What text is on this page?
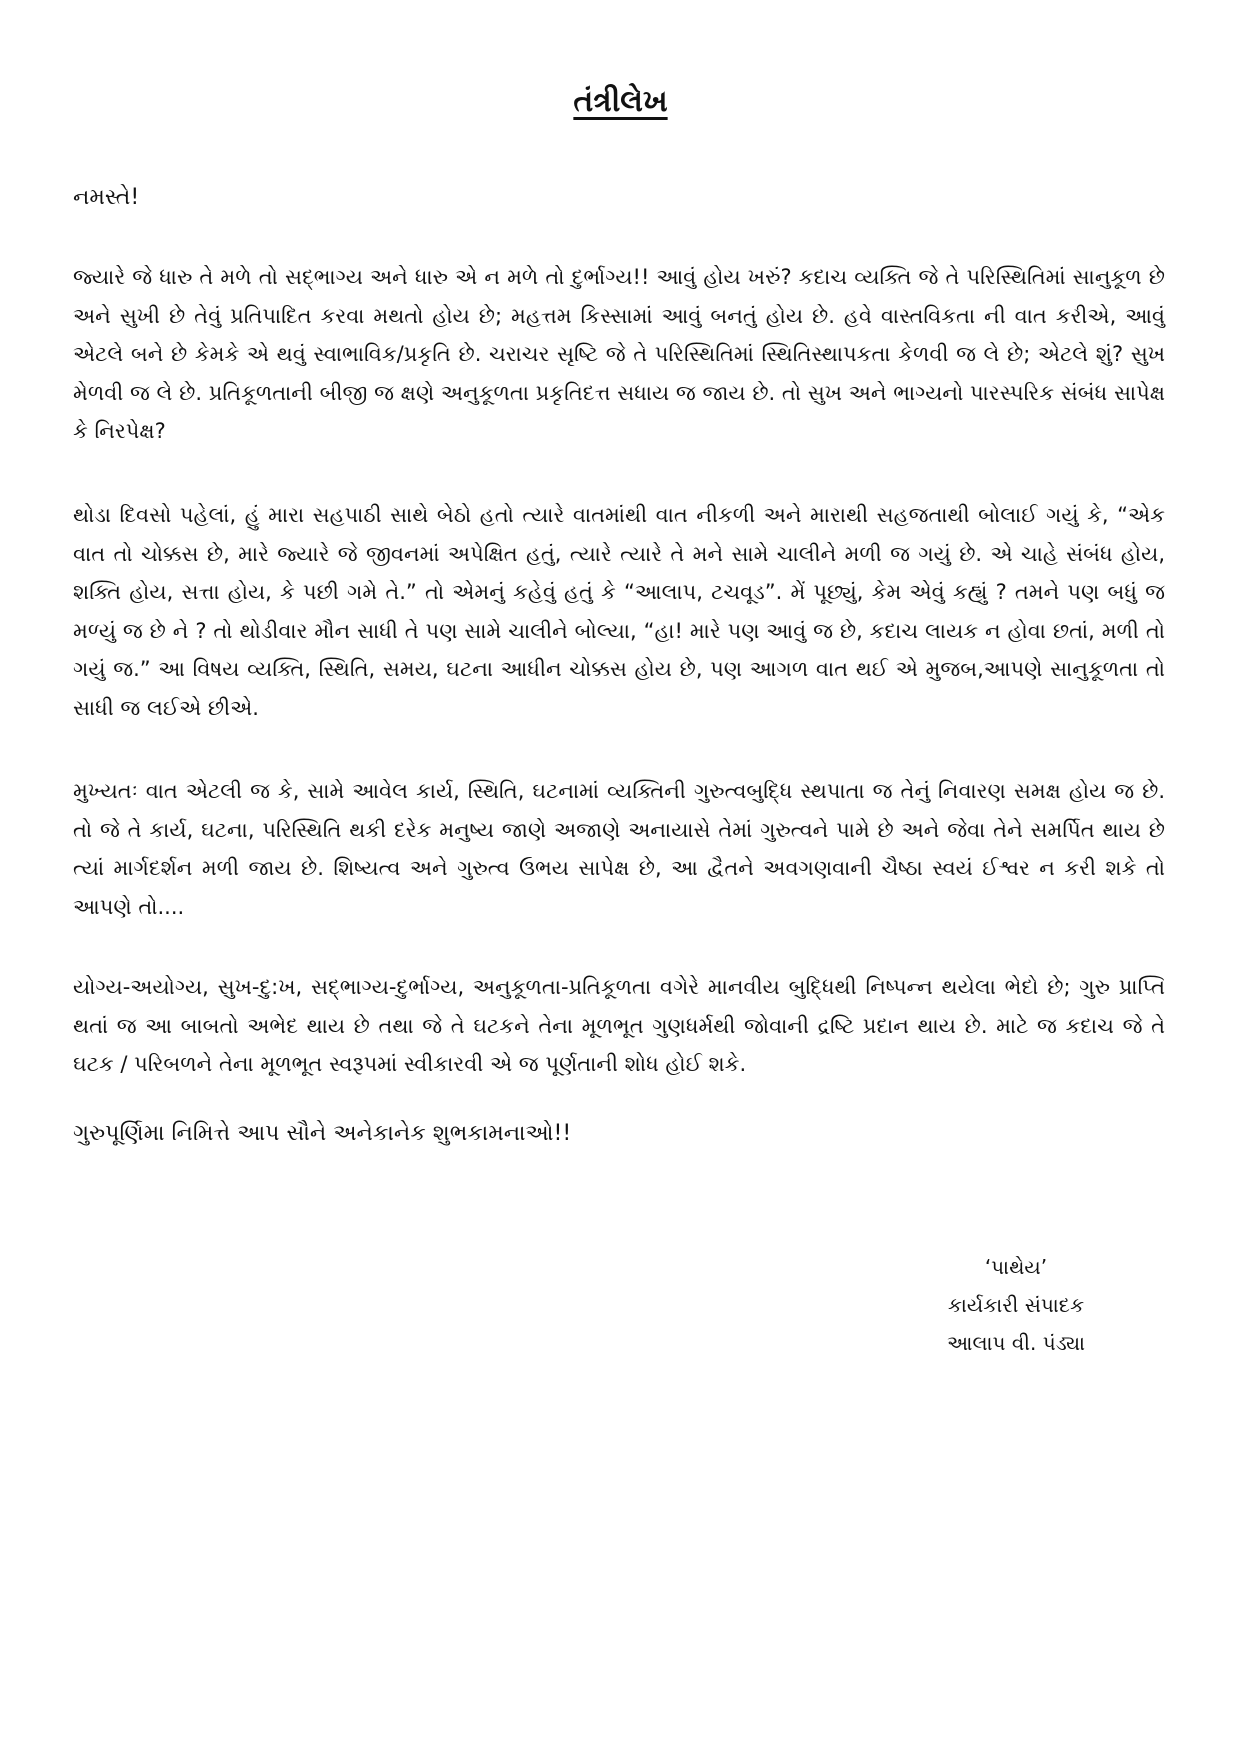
તંત્રીલેખ
નમસ્તે!

જ્યારે જે ધારુ તે મળે તો સદ્ભાગ્ય અને ધારુ એ ન મળે તો દુર્ભાગ્ય!! આવું હોય ખરું? કદાચ વ્યક્તિ જે તે પરિસ્થિતિમાં સાનુકૂળ છે અને સુખી છે તેવું પ્રતિપાદિત કરવા મથતો હોય છે; મહત્તમ કિસ્સામાં આવું બનતું હોય છે. હવે વાસ્તવિકતા ની વાત કરીએ, આવું એટલે બને છે કેમકે એ થવું સ્વાભાવિક/પ્રકૃતિ છે. ચરાચર સૃષ્ટિ જે તે પરિસ્થિતિમાં સ્થિતિસ્થાપકતા કેળવી જ લે છે; એટલે શું? સુખ મેળવી જ લે છે. પ્રતિકૂળતાની બીજી જ ક્ષણે અનુકૂળતા પ્રકૃતિદત્ત સધાય જ જાય છે. તો સુખ અને ભાગ્યનો પારસ્પરિક સંબંધ સાપેક્ષ કે નિરપેક્ષ?

થોડા દિવસો પહેલાં, હું મારા સહપાઠી સાથે બેઠો હતો ત્યારે વાતમાંથી વાત નીકળી અને મારાથી સહજતાથી બોલાઈ ગયું કે, “એક વાત તો ચોક્કસ છે, મારે જ્યારે જે જીવનમાં અપેક્ષિત હતું, ત્યારે ત્યારે તે મને સામે ચાલીને મળી જ ગયું છે. એ ચાહે સંબંધ હોય, શક્તિ હોય, સત્તા હોય, કે પછી ગમે તે.” તો એમનું કહેવું હતું કે “આલાપ, ટચવૂડ”. મેં પૂછ્યું, કેમ એવું કહ્યું ? તમને પણ બધું જ મળ્યું જ છે ને ? તો થોડીવાર મૌન સાધી તે પણ સામે ચાલીને બોલ્યા, “હા! મારે પણ આવું જ છે, કદાચ લાયક ન હોવા છતાં, મળી તો ગયું જ.” આ વિષય વ્યક્તિ, સ્થિતિ, સમય, ઘટના આધીન ચોક્કસ હોય છે, પણ આગળ વાત થઈ એ મુજબ,આપણે સાનુકૂળતા તો સાધી જ લઈએ છીએ.

મુખ્યતઃ વાત એટલી જ કે, સામે આવેલ કાર્ય, સ્થિતિ, ઘટનામાં વ્યક્તિની ગુરુત્વબુદ્ધિ સ્થપાતા જ તેનું નિવારણ સમક્ષ હોય જ છે. તો જે તે કાર્ય, ઘટના, પરિસ્થિતિ થકી દરેક મનુષ્ય જાણે અજાણે અનાયાસે તેમાં ગુરુત્વને પામે છે અને જેવા તેને સમર્પિત થાય છે ત્યાં માર્ગદર્શન મળી જાય છે. શિષ્યત્વ અને ગુરુત્વ ઉભય સાપેક્ષ છે, આ દ્વૈતને અવગણવાની ચૈષ્ઠા સ્વયં ઈશ્વર ન કરી શકે તો આપણે તો....

યોગ્ય-અયોગ્ય, સુખ-દુ:ખ, સદ્ભાગ્ય-દુર્ભાગ્ય, અનુકૂળતા-પ્રતિકૂળતા વગેરે માનવીય બુદ્ધિથી નિષ્પન્ન થયેલા ભેદો છે; ગુરુ પ્રાપ્તિ થતાં જ આ બાબતો અભેદ થાય છે તથા જે તે ઘટકને તેના મૂળભૂત ગુણધર્મથી જોવાની દ્રષ્ટિ પ્રદાન થાય છે. માટે જ કદાચ જે તે ઘટક / પરિબળને તેના મૂળભૂત સ્વરૂપમાં સ્વીકારવી એ જ પૂર્ણતાની શોધ હોઈ શકે.

ગુરુપૂર્ણિમા નિમિત્તે આપ સૌને અનેકાનેક શુભકામનાઓ!!
‘પાથેય’
કાર્યકારી સંપાદક
આલાપ વી. પંડ્યા
